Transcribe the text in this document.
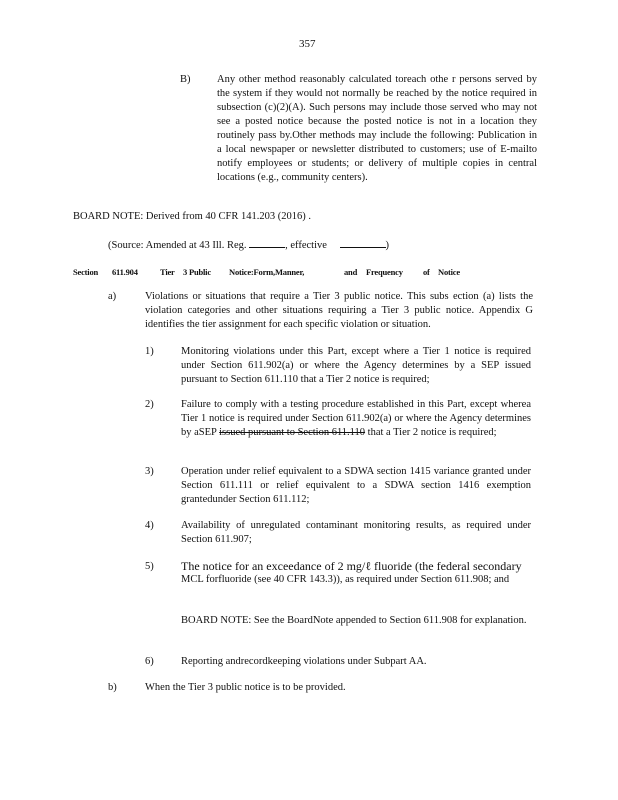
357
B)	Any other method reasonably calculated toreach othe r persons served by the system if they would not normally be reached by the notice required in subsection (c)(2)(A). Such persons may include those served who may not see a posted notice because the posted notice is not in a location they routinely pass by.Other methods may include the following: Publication in a local newspaper or newsletter distributed to customers; use of E-mailto notify employees or students; or delivery of multiple copies in central locations (e.g., community centers).
BOARD NOTE: Derived from 40 CFR 141.203 (2016) .
(Source: Amended at 43 Ill. Reg.	, effective	)
Section 611.904	Tier 3 Public Notice:Form,Manner,	and Frequency of Notice
a)	Violations or situations that require a Tier 3 public notice. This subs ection (a) lists the violation categories and other situations requiring a Tier 3 public notice. Appendix G identifies the tier assignment for each specific violation or situation.
1)	Monitoring violations under this Part, except where a Tier 1 notice is required under Section 611.902(a) or where the Agency determines by a SEP issued pursuant to Section 611.110 that a Tier 2 notice is required;
2)	Failure to comply with a testing procedure established in this Part, except wherea Tier 1 notice is required under Section 611.902(a) or where the Agency determines by aSEP issued pursuant to Section 611.110 that a Tier 2 notice is required;
3)	Operation under relief equivalent to a SDWA section 1415 variance granted under Section 611.111 or relief equivalent to a SDWA section 1416 exemption grantedunder Section 611.112;
4)	Availability of unregulated contaminant monitoring results, as required under Section 611.907;
5) The notice for an exceedance of 2 mg/ℓ fluoride (the federal secondary
MCL forfluoride (see 40 CFR 143.3)), as required under Section 611.908; and
BOARD NOTE: See the BoardNote appended to Section 611.908 for explanation.
6)	Reporting andrecordkeeping violations under Subpart AA.
b)	When the Tier 3 public notice is to be provided.
